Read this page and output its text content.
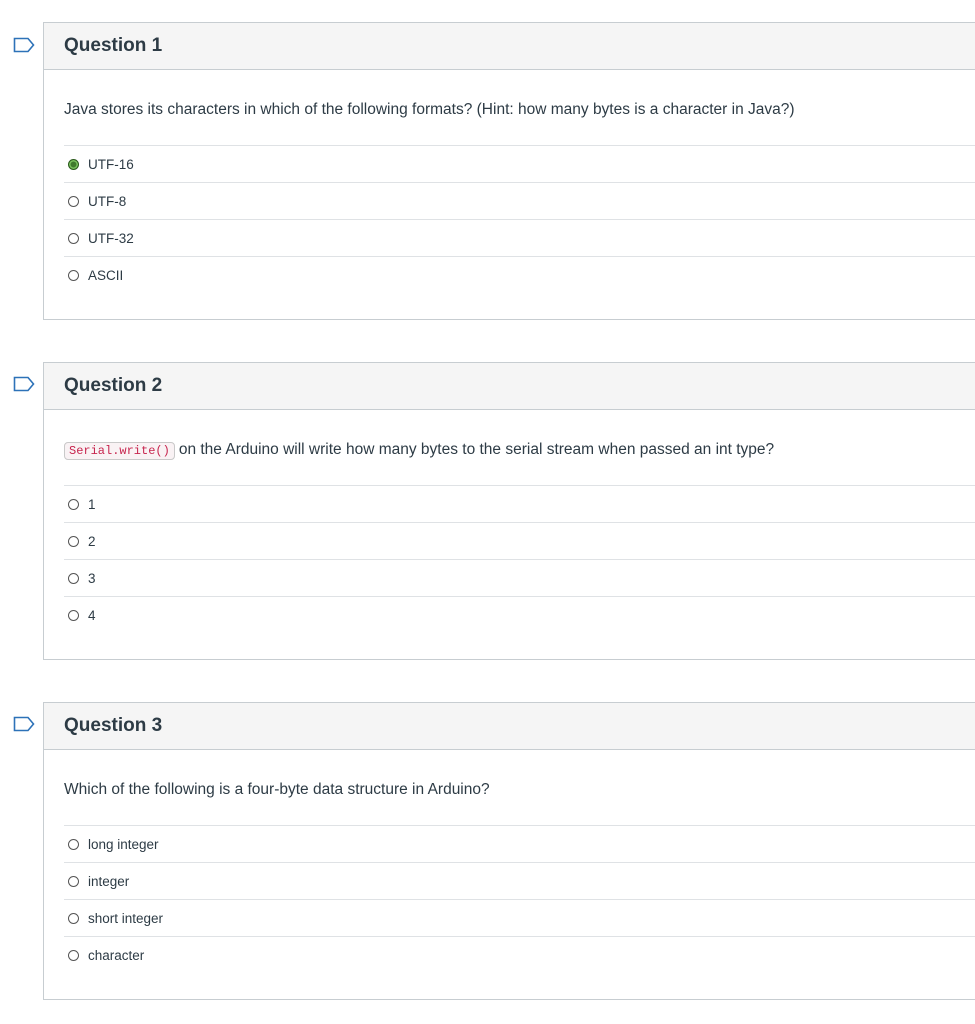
Question 1
Java stores its characters in which of the following formats? (Hint: how many bytes is a character in Java?)
UTF-16
UTF-8
UTF-32
ASCII
Question 2
Serial.write() on the Arduino will write how many bytes to the serial stream when passed an int type?
1
2
3
4
Question 3
Which of the following is a four-byte data structure in Arduino?
long integer
integer
short integer
character
